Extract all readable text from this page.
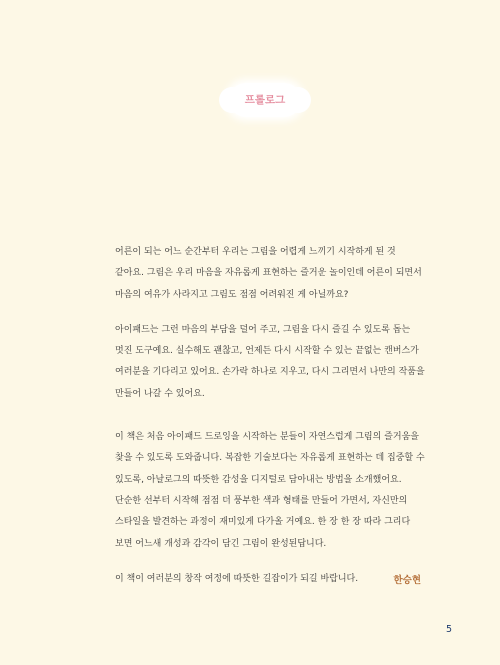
프롤로그

어른이 되는 어느 순간부터 우리는 그림을 어렵게 느끼기 시작하게 된 것 같아요. 그림은 우리 마음을 자유롭게 표현하는 즐거운 놀이인데 어른이 되면서 마음의 여유가 사라지고 그림도 점점 어려워진 게 아닐까요?

아이패드는 그런 마음의 부담을 덜어 주고, 그림을 다시 즐길 수 있도록 돕는 멋진 도구예요. 실수해도 괜찮고, 언제든 다시 시작할 수 있는 끝없는 캔버스가 여러분을 기다리고 있어요. 손가락 하나로 지우고, 다시 그리면서 나만의 작품을 만들어 나갈 수 있어요.

이 책은 처음 아이패드 드로잉을 시작하는 분들이 자연스럽게 그림의 즐거움을 찾을 수 있도록 도와줍니다. 복잡한 기술보다는 자유롭게 표현하는 데 집중할 수 있도록, 아날로그의 따뜻한 감성을 디지털로 담아내는 방법을 소개했어요. 단순한 선부터 시작해 점점 더 풍부한 색과 형태를 만들어 가면서, 자신만의 스타일을 발견하는 과정이 재미있게 다가올 거예요. 한 장 한 장 따라 그리다 보면 어느새 개성과 감각이 담긴 그림이 완성된답니다.

이 책이 여러분의 창작 여정에 따뜻한 길잡이가 되길 바랍니다.	한승현
5
